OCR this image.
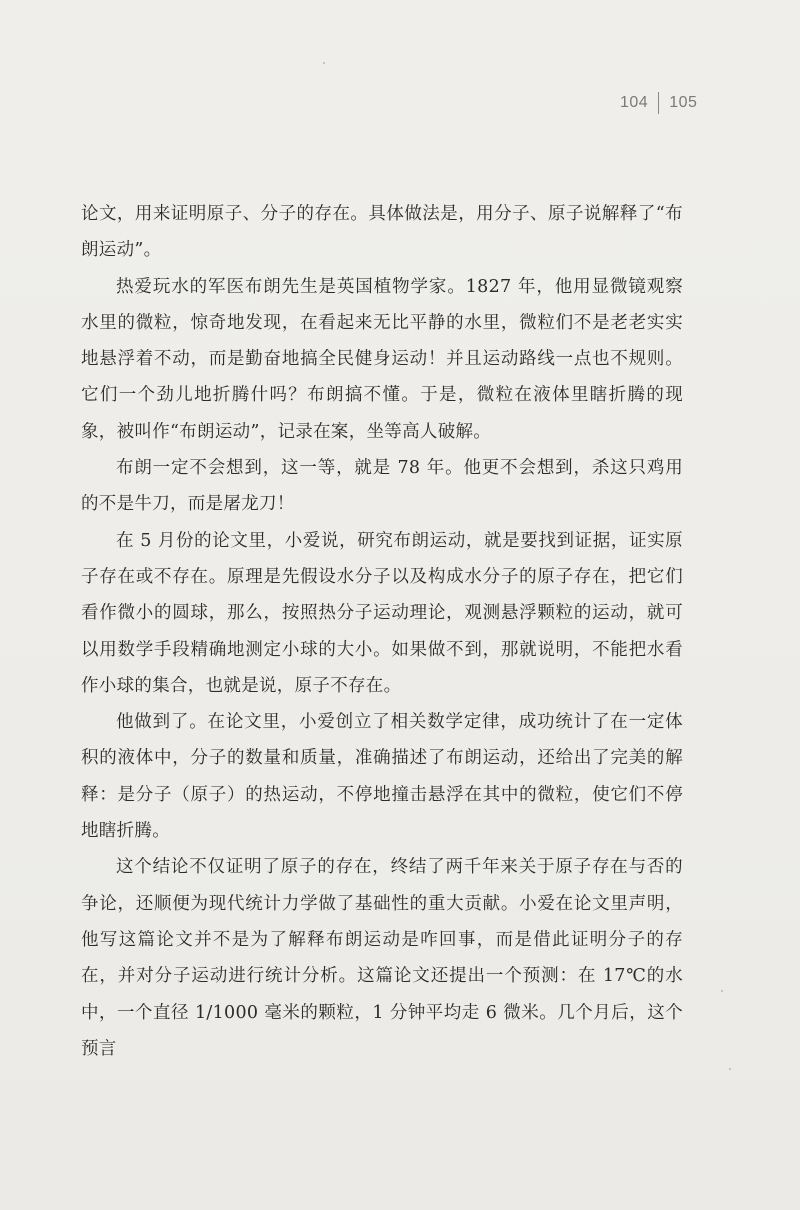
104 105

论文，用来证明原子、分子的存在。具体做法是，用分子、原子说解释了“布朗运动”。

热爱玩水的军医布朗先生是英国植物学家。1827 年，他用显微镜观察水里的微粒，惊奇地发现，在看起来无比平静的水里，微粒们不是老老实实地悬浮着不动，而是勤奋地搞全民健身运动！并且运动路线一点也不规则。它们一个劲儿地折腾什吗？布朗搞不懂。于是，微粒在液体里瞎折腾的现象，被叫作“布朗运动”，记录在案，坐等高人破解。

布朗一定不会想到，这一等，就是 78 年。他更不会想到，杀这只鸡用的不是牛刀，而是屠龙刀！

在 5 月份的论文里，小爱说，研究布朗运动，就是要找到证据，证实原子存在或不存在。原理是先假设水分子以及构成水分子的原子存在，把它们看作微小的圆球，那么，按照热分子运动理论，观测悬浮颗粒的运动，就可以用数学手段精确地测定小球的大小。如果做不到，那就说明，不能把水看作小球的集合，也就是说，原子不存在。

他做到了。在论文里，小爱创立了相关数学定律，成功统计了在一定体积的液体中，分子的数量和质量，准确描述了布朗运动，还给出了完美的解释：是分子（原子）的热运动，不停地撞击悬浮在其中的微粒，使它们不停地瞎折腾。

这个结论不仅证明了原子的存在，终结了两千年来关于原子存在与否的争论，还顺便为现代统计力学做了基础性的重大贡献。小爱在论文里声明，他写这篇论文并不是为了解释布朗运动是咋回事，而是借此证明分子的存在，并对分子运动进行统计分析。这篇论文还提出一个预测：在 17℃的水中，一个直径 1/1000 毫米的颗粒，1 分钟平均走 6 微米。几个月后，这个预言
